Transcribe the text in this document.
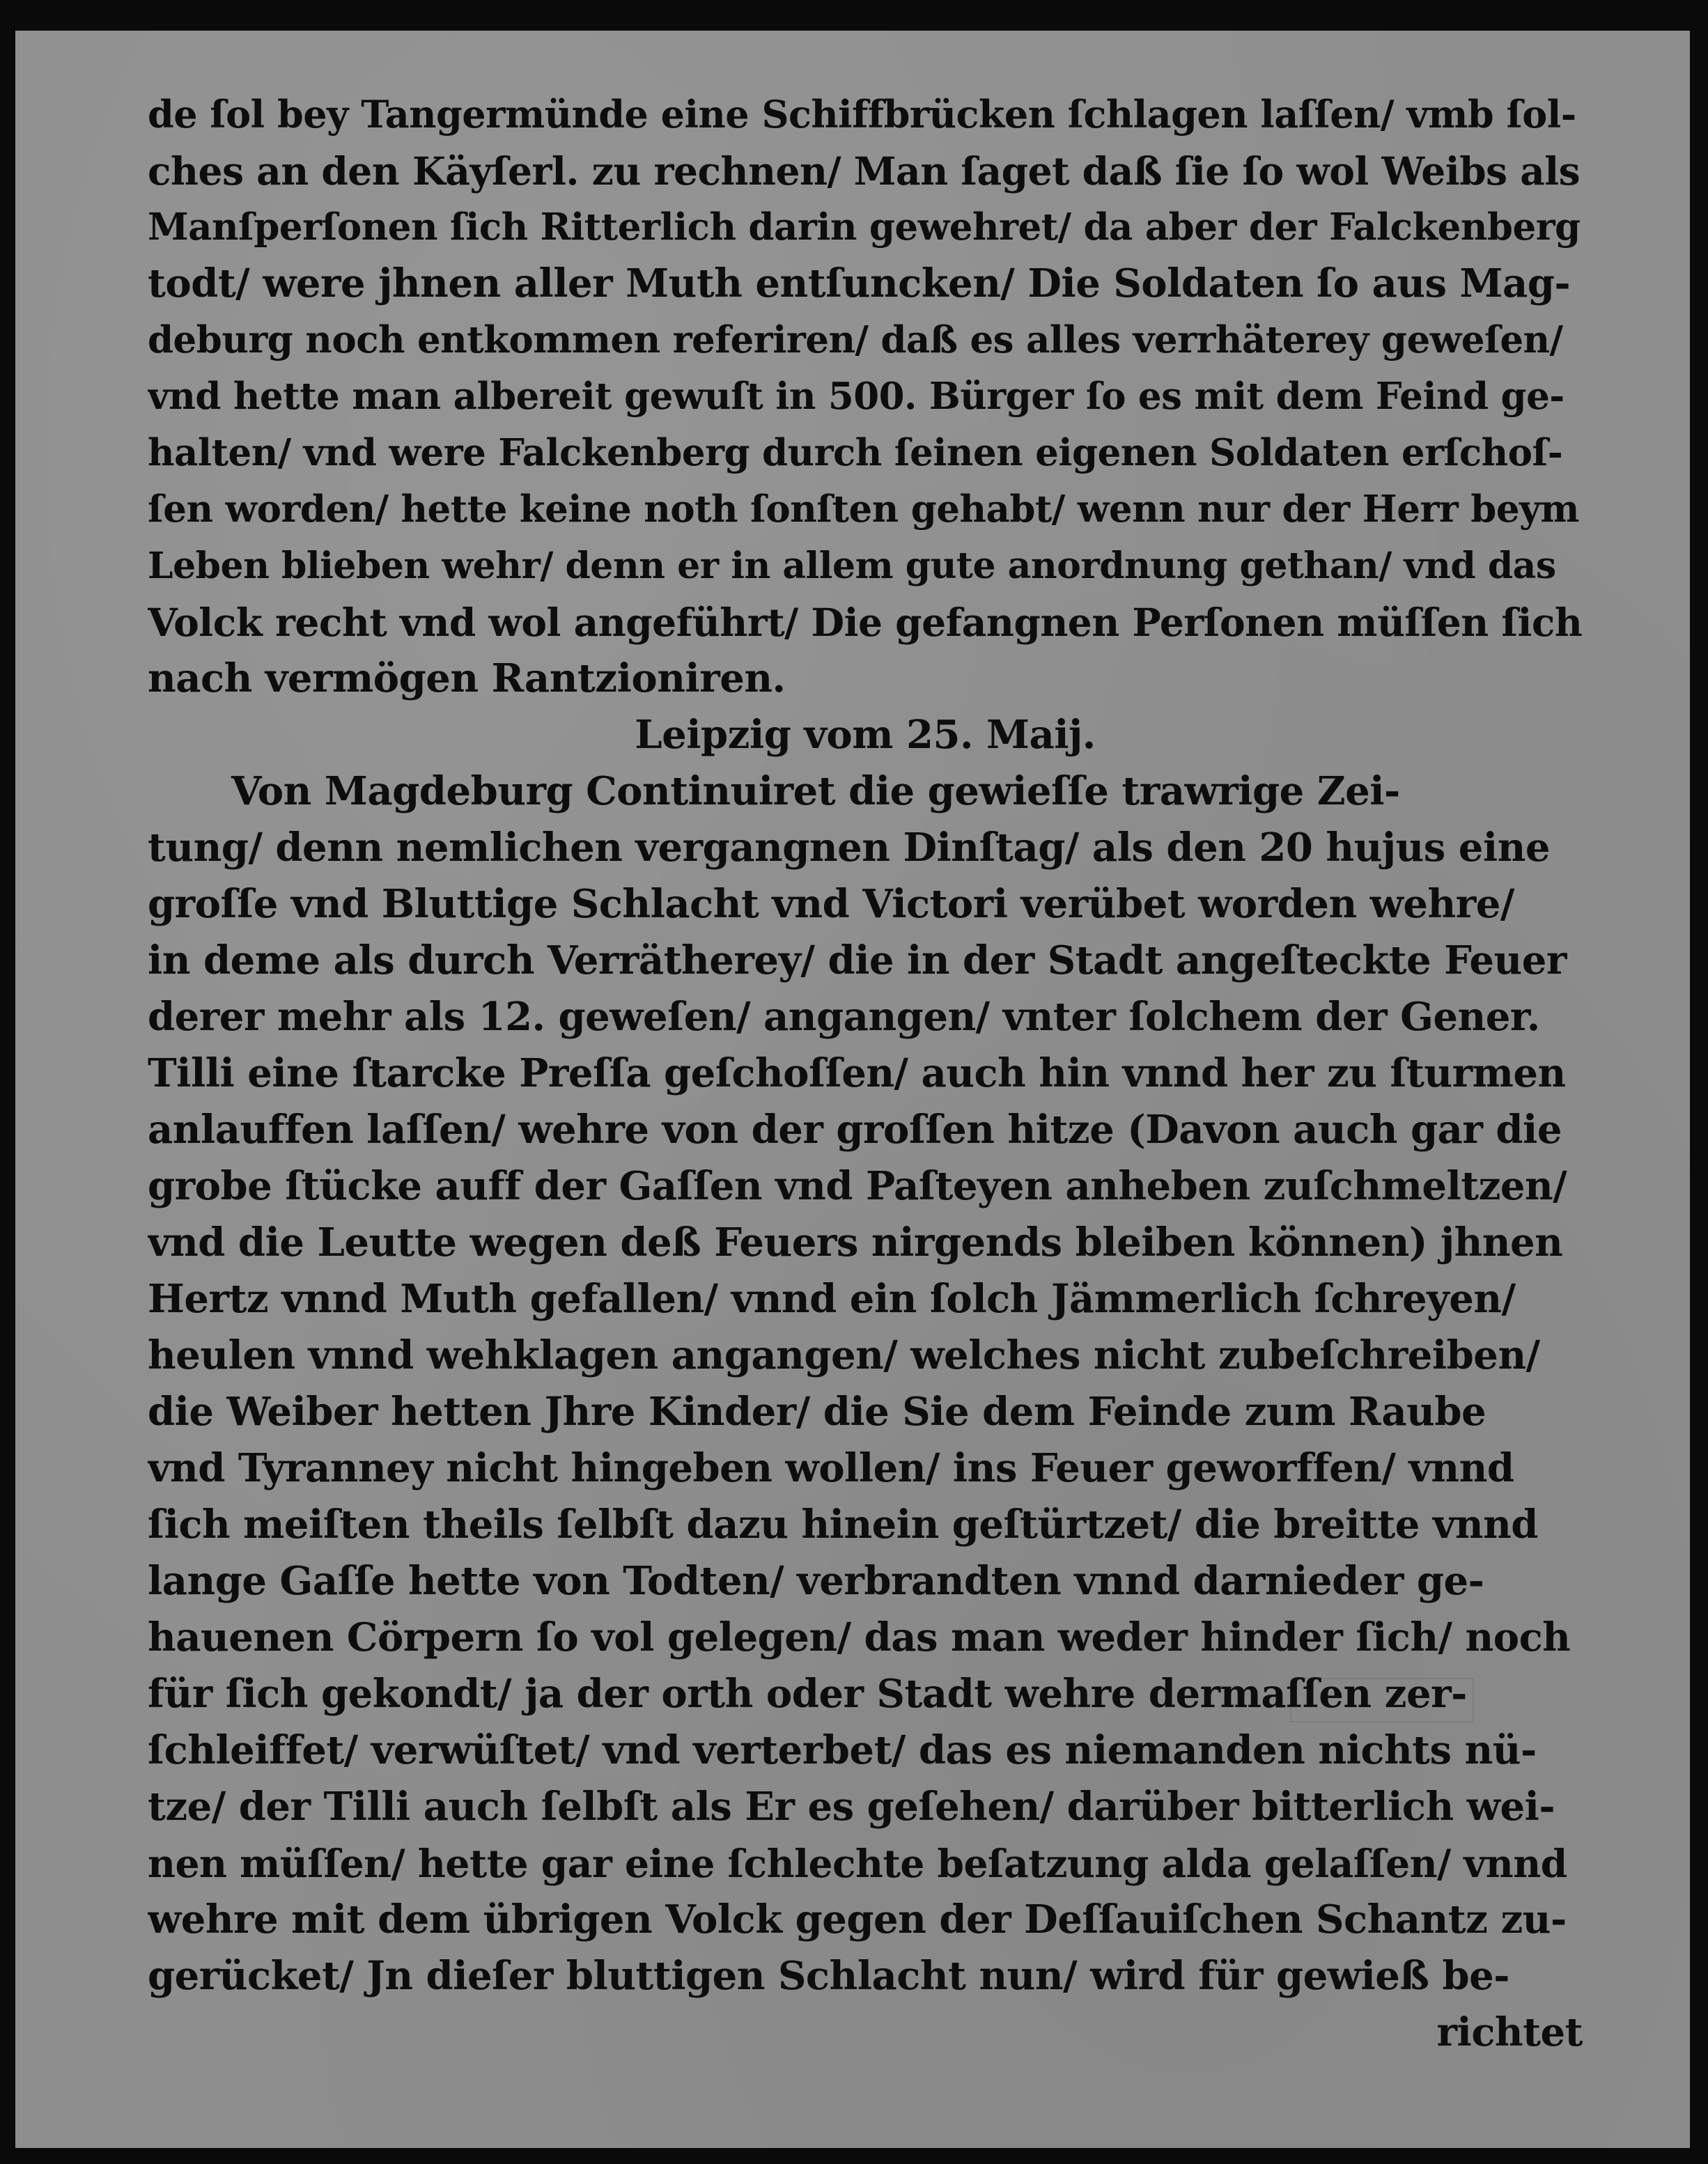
de ſol bey Tangermünde eine Schiffbrücken ſchlagen laſſen/ vmb ſol-
ches an den Käyſerl. zu rechnen/ Man ſaget daß ſie ſo wol Weibs als
Manſperſonen ſich Ritterlich darin gewehret/ da aber der Falckenberg
todt/ were jhnen aller Muth entſuncken/ Die Soldaten ſo aus Mag-
deburg noch entkommen referiren/ daß es alles verrhäterey geweſen/
vnd hette man albereit gewuſt in 500. Bürger ſo es mit dem Feind ge-
halten/ vnd were Falckenberg durch ſeinen eigenen Soldaten erſchoſ-
ſen worden/ hette keine noth ſonſten gehabt/ wenn nur der Herr beym
Leben blieben wehr/ denn er in allem gute anordnung gethan/ vnd das
Volck recht vnd wol angeführt/ Die gefangnen Perſonen müſſen ſich
nach vermögen Rantzioniren.
Leipzig vom 25. Maij.
Von Magdeburg Continuiret die gewieſſe trawrige Zei-
tung/ denn nemlichen vergangnen Dinſtag/ als den 20 hujus eine
groſſe vnd Bluttige Schlacht vnd Victori verübet worden wehre/
in deme als durch Verrätherey/ die in der Stadt angeſteckte Feuer
derer mehr als 12. geweſen/ angangen/ vnter ſolchem der Gener.
Tilli eine ſtarcke Preſſa geſchoſſen/ auch hin vnnd her zu ſturmen
anlauffen laſſen/ wehre von der groſſen hitze (Davon auch gar die
grobe ſtücke auff der Gaſſen vnd Paſteyen anheben zuſchmeltzen/
vnd die Leutte wegen deß Feuers nirgends bleiben können) jhnen
Hertz vnnd Muth gefallen/ vnnd ein ſolch Jämmerlich ſchreyen/
heulen vnnd wehklagen angangen/ welches nicht zubeſchreiben/
die Weiber hetten Jhre Kinder/ die Sie dem Feinde zum Raube
vnd Tyranney nicht hingeben wollen/ ins Feuer geworffen/ vnnd
ſich meiſten theils ſelbſt dazu hinein geſtürtzet/ die breitte vnnd
lange Gaſſe hette von Todten/ verbrandten vnnd darnieder ge-
hauenen Cörpern ſo vol gelegen/ das man weder hinder ſich/ noch
für ſich gekondt/ ja der orth oder Stadt wehre dermaſſen zer-
ſchleiffet/ verwüſtet/ vnd verterbet/ das es niemanden nichts nü-
tze/ der Tilli auch ſelbſt als Er es geſehen/ darüber bitterlich wei-
nen müſſen/ hette gar eine ſchlechte beſatzung alda gelaſſen/ vnnd
wehre mit dem übrigen Volck gegen der Deſſauiſchen Schantz zu-
gerücket/ Jn dieſer bluttigen Schlacht nun/ wird für gewieß be-
richtet
